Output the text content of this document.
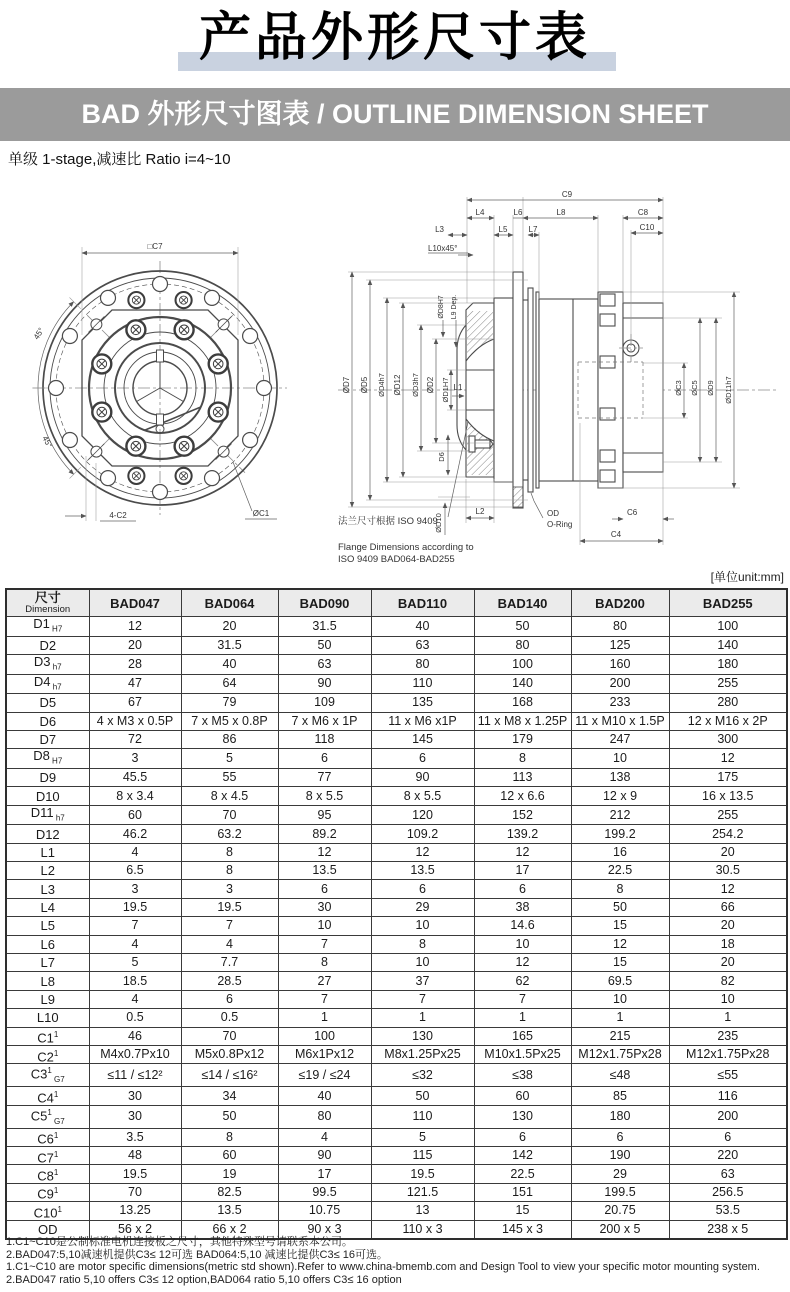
产品外形尺寸表
BAD 外形尺寸图表 / OUTLINE DIMENSION SHEET
单级 1-stage,减速比 Ratio i=4~10
□C7
45°
45°
4-C2	ØC1
C9
L4	L6	L8	C8
L3	L5	L7	C10
L10x45°
ØD8H7 L9 Dep.
ØD7 ØD5 ØD4h7 ØD12 ØD3h7 ØD2 ØD1H7 L1
D6
ØD10
L2	OD
O-Ring
C6
C4
ØC3 ØC5 ØD9 ØD11h7
法兰尺寸根据 ISO 9409
Flange Dimensions according to
ISO 9409 BAD064-BAD255
[单位unit:mm]
尺寸
Dimension	BAD047	BAD064	BAD090	BAD110	BAD140	BAD200	BAD255
D1 $_{H7}$	12	20	31.5	40	50	80	100
D2	20	31.5	50	63	80	125	140
D3 $_{h7}$	28	40	63	80	100	160	180
D4 $_{h7}$	47	64	90	110	140	200	255
D5	67	79	109	135	168	233	280
D6	4 x M3 x 0.5P	7 x M5 x 0.8P	7 x M6 x 1P	11 x M6 x1P	11 x M8 x 1.25P	11 x M10 x 1.5P	12 x M16 x 2P
D7	72	86	118	145	179	247	300
D8 $_{H7}$	3	5	6	6	8	10	12
D9	45.5	55	77	90	113	138	175
D10	8 x 3.4	8 x 4.5	8 x 5.5	8 x 5.5	12 x 6.6	12 x 9	16 x 13.5
D11 $_{h7}$	60	70	95	120	152	212	255
D12	46.2	63.2	89.2	109.2	139.2	199.2	254.2
L1	4	8	12	12	12	16	20
L2	6.5	8	13.5	13.5	17	22.5	30.5
L3	3	3	6	6	6	8	12
L4	19.5	19.5	30	29	38	50	66
L5	7	7	10	10	14.6	15	20
L6	4	4	7	8	10	12	18
L7	5	7.7	8	10	12	15	20
L8	18.5	28.5	27	37	62	69.5	82
L9	4	6	7	7	7	10	10
L10	0.5	0.5	1	1	1	1	1
$C1^1$	46	70	100	130	165	215	235
$C2^1$	M4x0.7Px10	M5x0.8Px12	M6x1Px12	M8x1.25Px25	M10x1.5Px25	M12x1.75Px28	M12x1.75Px28
$C3^1$ $_{G7}$	≤11 / ≤12²	≤14 / ≤16²	≤19 / ≤24	≤32	≤38	≤48	≤55
$C4^1$	30	34	40	50	60	85	116
$C5^1$ $_{G7}$	30	50	80	110	130	180	200
$C6^1$	3.5	8	4	5	6	6	6
$C7^1$	48	60	90	115	142	190	220
$C8^1$	19.5	19	17	19.5	22.5	29	63
$C9^1$	70	82.5	99.5	121.5	151	199.5	256.5
$C10^1$	13.25	13.5	10.75	13	15	20.75	53.5
OD	56 x 2	66 x 2	90 x 3	110 x 3	145 x 3	200 x 5	238 x 5
1.C1~C10是公制标准电机连接板之尺寸，其他特殊型号请联系本公司。
2.BAD047:5,10减速机提供C3≤ 12可选 BAD064:5,10 减速比提供C3≤ 16可选。
1.C1~C10 are motor specific dimensions(metric std shown).Refer to www.china-bmemb.com and Design Tool to view your specific motor mounting system.
2.BAD047 ratio 5,10 offers C3≤ 12 option,BAD064 ratio 5,10 offers C3≤ 16 option
